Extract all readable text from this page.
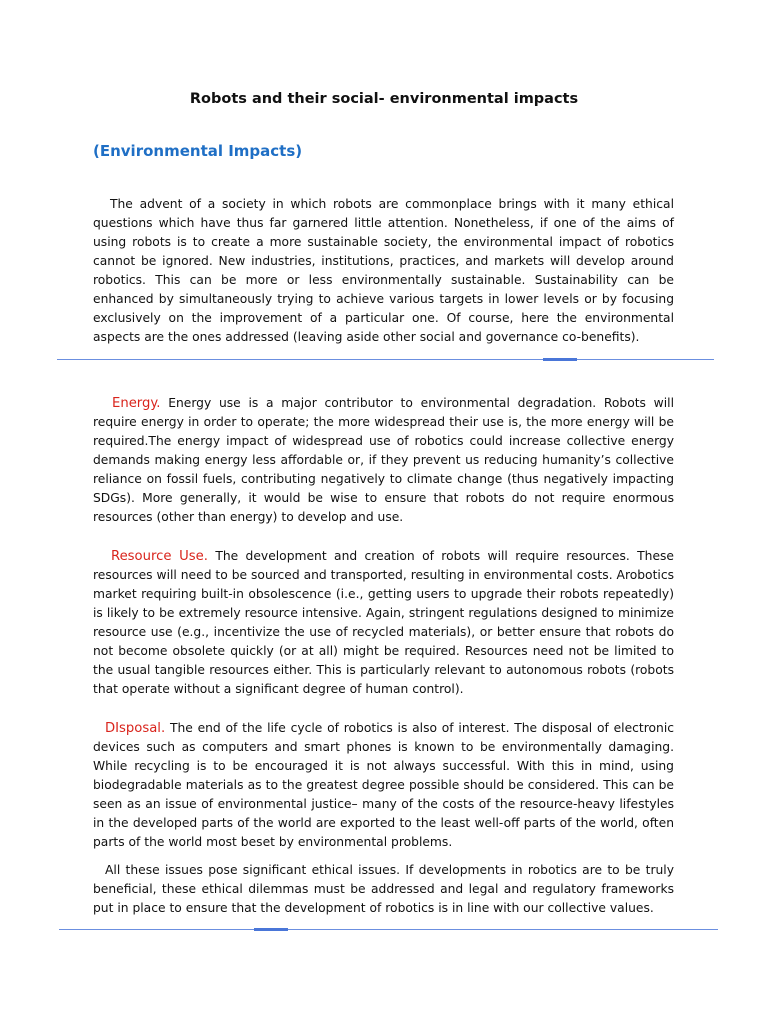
Robots and their social- environmental impacts
(Environmental Impacts)

The advent of a society in which robots are commonplace brings with it many ethical questions which have thus far garnered little attention. Nonetheless, if one of the aims of using robots is to create a more sustainable society, the environmental impact of robotics cannot be ignored. New industries, institutions, practices, and markets will develop around robotics. This can be more or less environmentally sustainable. Sustainability can be enhanced by simultaneously trying to achieve various targets in lower levels or by focusing exclusively on the improvement of a particular one. Of course, here the environmental aspects are the ones addressed (leaving aside other social and governance co-benefits).

Energy. Energy use is a major contributor to environmental degradation. Robots will require energy in order to operate; the more widespread their use is, the more energy will be required.The energy impact of widespread use of robotics could increase collective energy demands making energy less affordable or, if they prevent us reducing humanity’s collective reliance on fossil fuels, contributing negatively to climate change (thus negatively impacting SDGs). More generally, it would be wise to ensure that robots do not require enormous resources (other than energy) to develop and use.

Resource Use. The development and creation of robots will require resources. These resources will need to be sourced and transported, resulting in environmental costs. Arobotics market requiring built-in obsolescence (i.e., getting users to upgrade their robots repeatedly) is likely to be extremely resource intensive. Again, stringent regulations designed to minimize resource use (e.g., incentivize the use of recycled materials), or better ensure that robots do not become obsolete quickly (or at all) might be required. Resources need not be limited to the usual tangible resources either. This is particularly relevant to autonomous robots (robots that operate without a significant degree of human control).

DIsposal. The end of the life cycle of robotics is also of interest. The disposal of electronic devices such as computers and smart phones is known to be environmentally damaging. While recycling is to be encouraged it is not always successful. With this in mind, using biodegradable materials as to the greatest degree possible should be considered. This can be seen as an issue of environmental justice– many of the costs of the resource-heavy lifestyles in the developed parts of the world are exported to the least well-off parts of the world, often parts of the world most beset by environmental problems.

All these issues pose significant ethical issues. If developments in robotics are to be truly beneficial, these ethical dilemmas must be addressed and legal and regulatory frameworks put in place to ensure that the development of robotics is in line with our collective values.
